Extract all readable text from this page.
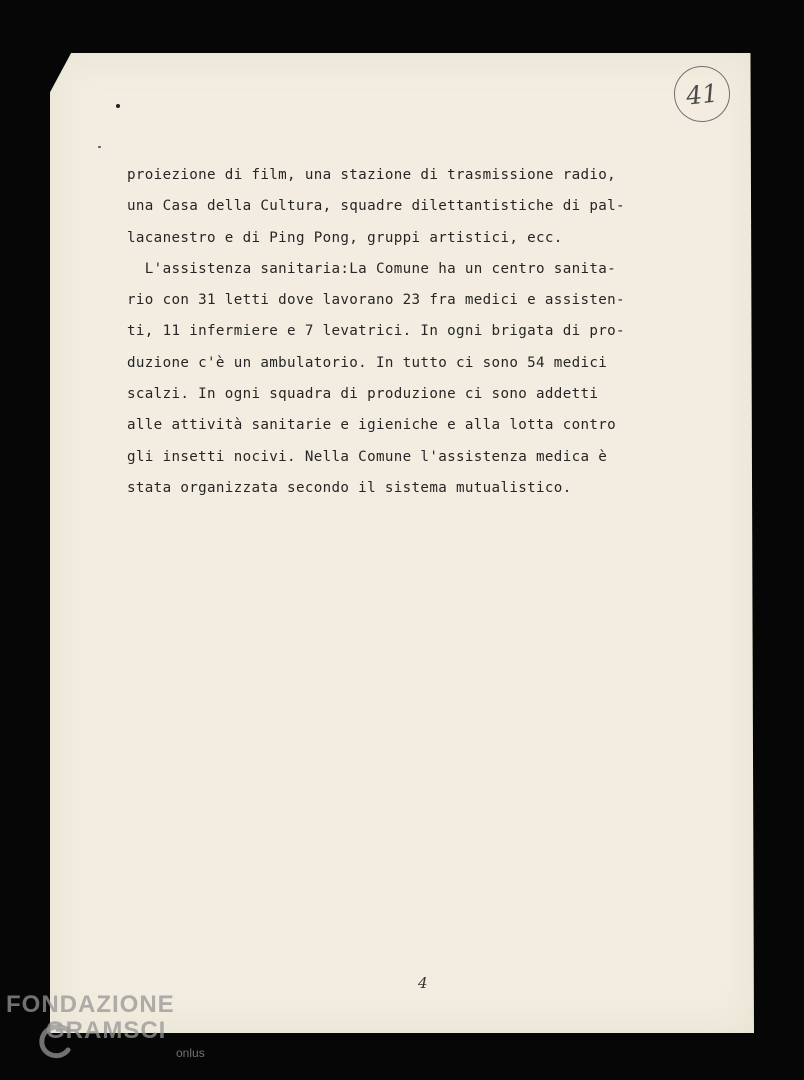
41
proiezione di film, una stazione di trasmissione radio,
una Casa della Cultura, squadre dilettantistiche di pal-
lacanestro e di Ping Pong, gruppi artistici, ecc.
L'assistenza sanitaria:La Comune ha un centro sanita-
rio con 31 letti dove lavorano 23 fra medici e assisten-
ti, 11 infermiere e 7 levatrici. In ogni brigata di pro-
duzione c'è un ambulatorio. In tutto ci sono 54 medici
scalzi. In ogni squadra di produzione ci sono addetti
alle attività sanitarie e igieniche e alla lotta contro
gli insetti nocivi. Nella Comune l'assistenza medica è
stata organizzata secondo il sistema mutualistico.
4
FONDAZIONE
GRAMSCI
onlus
